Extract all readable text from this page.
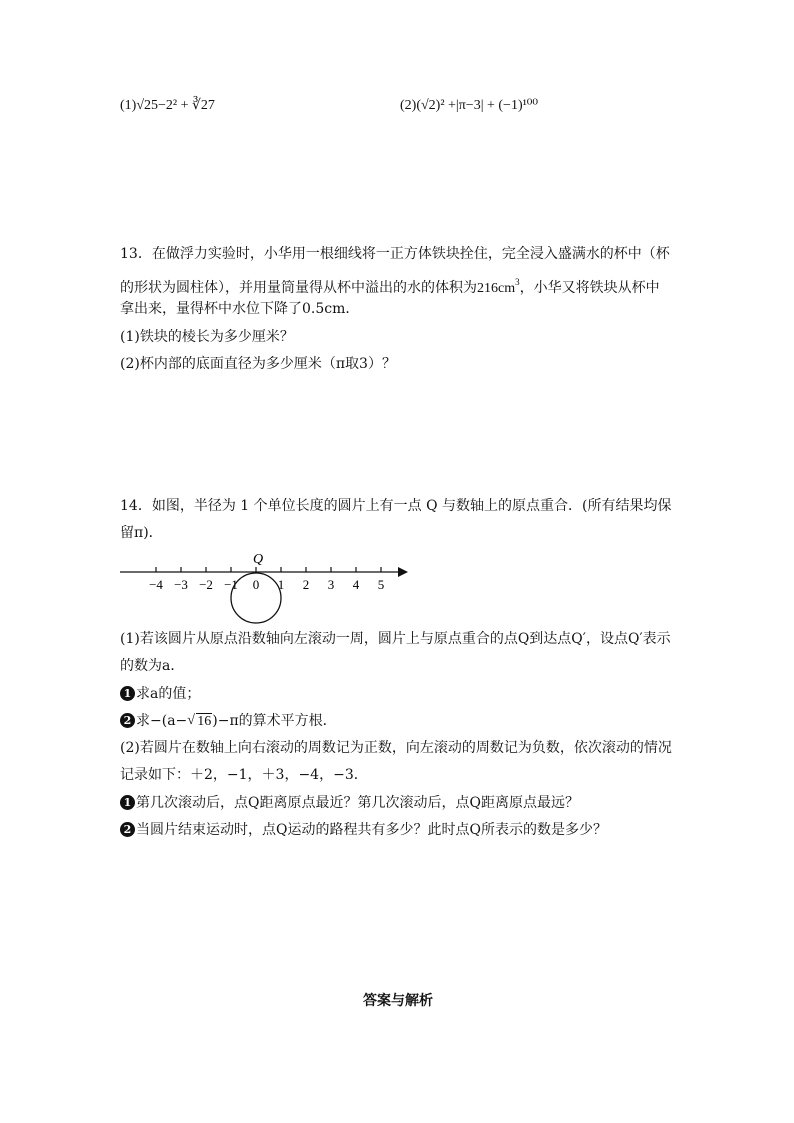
(1)√25−2² + ∛27	(2)(√2)² +|π−3| + (−1)¹⁰⁰
13．在做浮力实验时，小华用一根细线将一正方体铁块拴住，完全浸入盛满水的杯中（杯
的形状为圆柱体），并用量筒量得从杯中溢出的水的体积为$216cm^3$，小华又将铁块从杯中
拿出来，量得杯中水位下降了0.5cm．
(1)铁块的棱长为多少厘米？
(2)杯内部的底面直径为多少厘米（π取3）？
14．如图，半径为 1 个单位长度的圆片上有一点 Q 与数轴上的原点重合．(所有结果均保
留π)．
−4 −3 −2 −1 0 1 2 3 4 5
Q
(1)若该圆片从原点沿数轴向左滚动一周，圆片上与原点重合的点Q到达点Q′，设点Q′表示
的数为a．
1 求a的值；
2 求−(a−√ 16)−π的算术平方根．
(2)若圆片在数轴上向右滚动的周数记为正数，向左滚动的周数记为负数，依次滚动的情况
记录如下：＋2，−1，＋3，−4，−3．
1 第几次滚动后，点Q距离原点最近？第几次滚动后，点Q距离原点最远？
2 当圆片结束运动时，点Q运动的路程共有多少？此时点Q所表示的数是多少？
答案与解析
